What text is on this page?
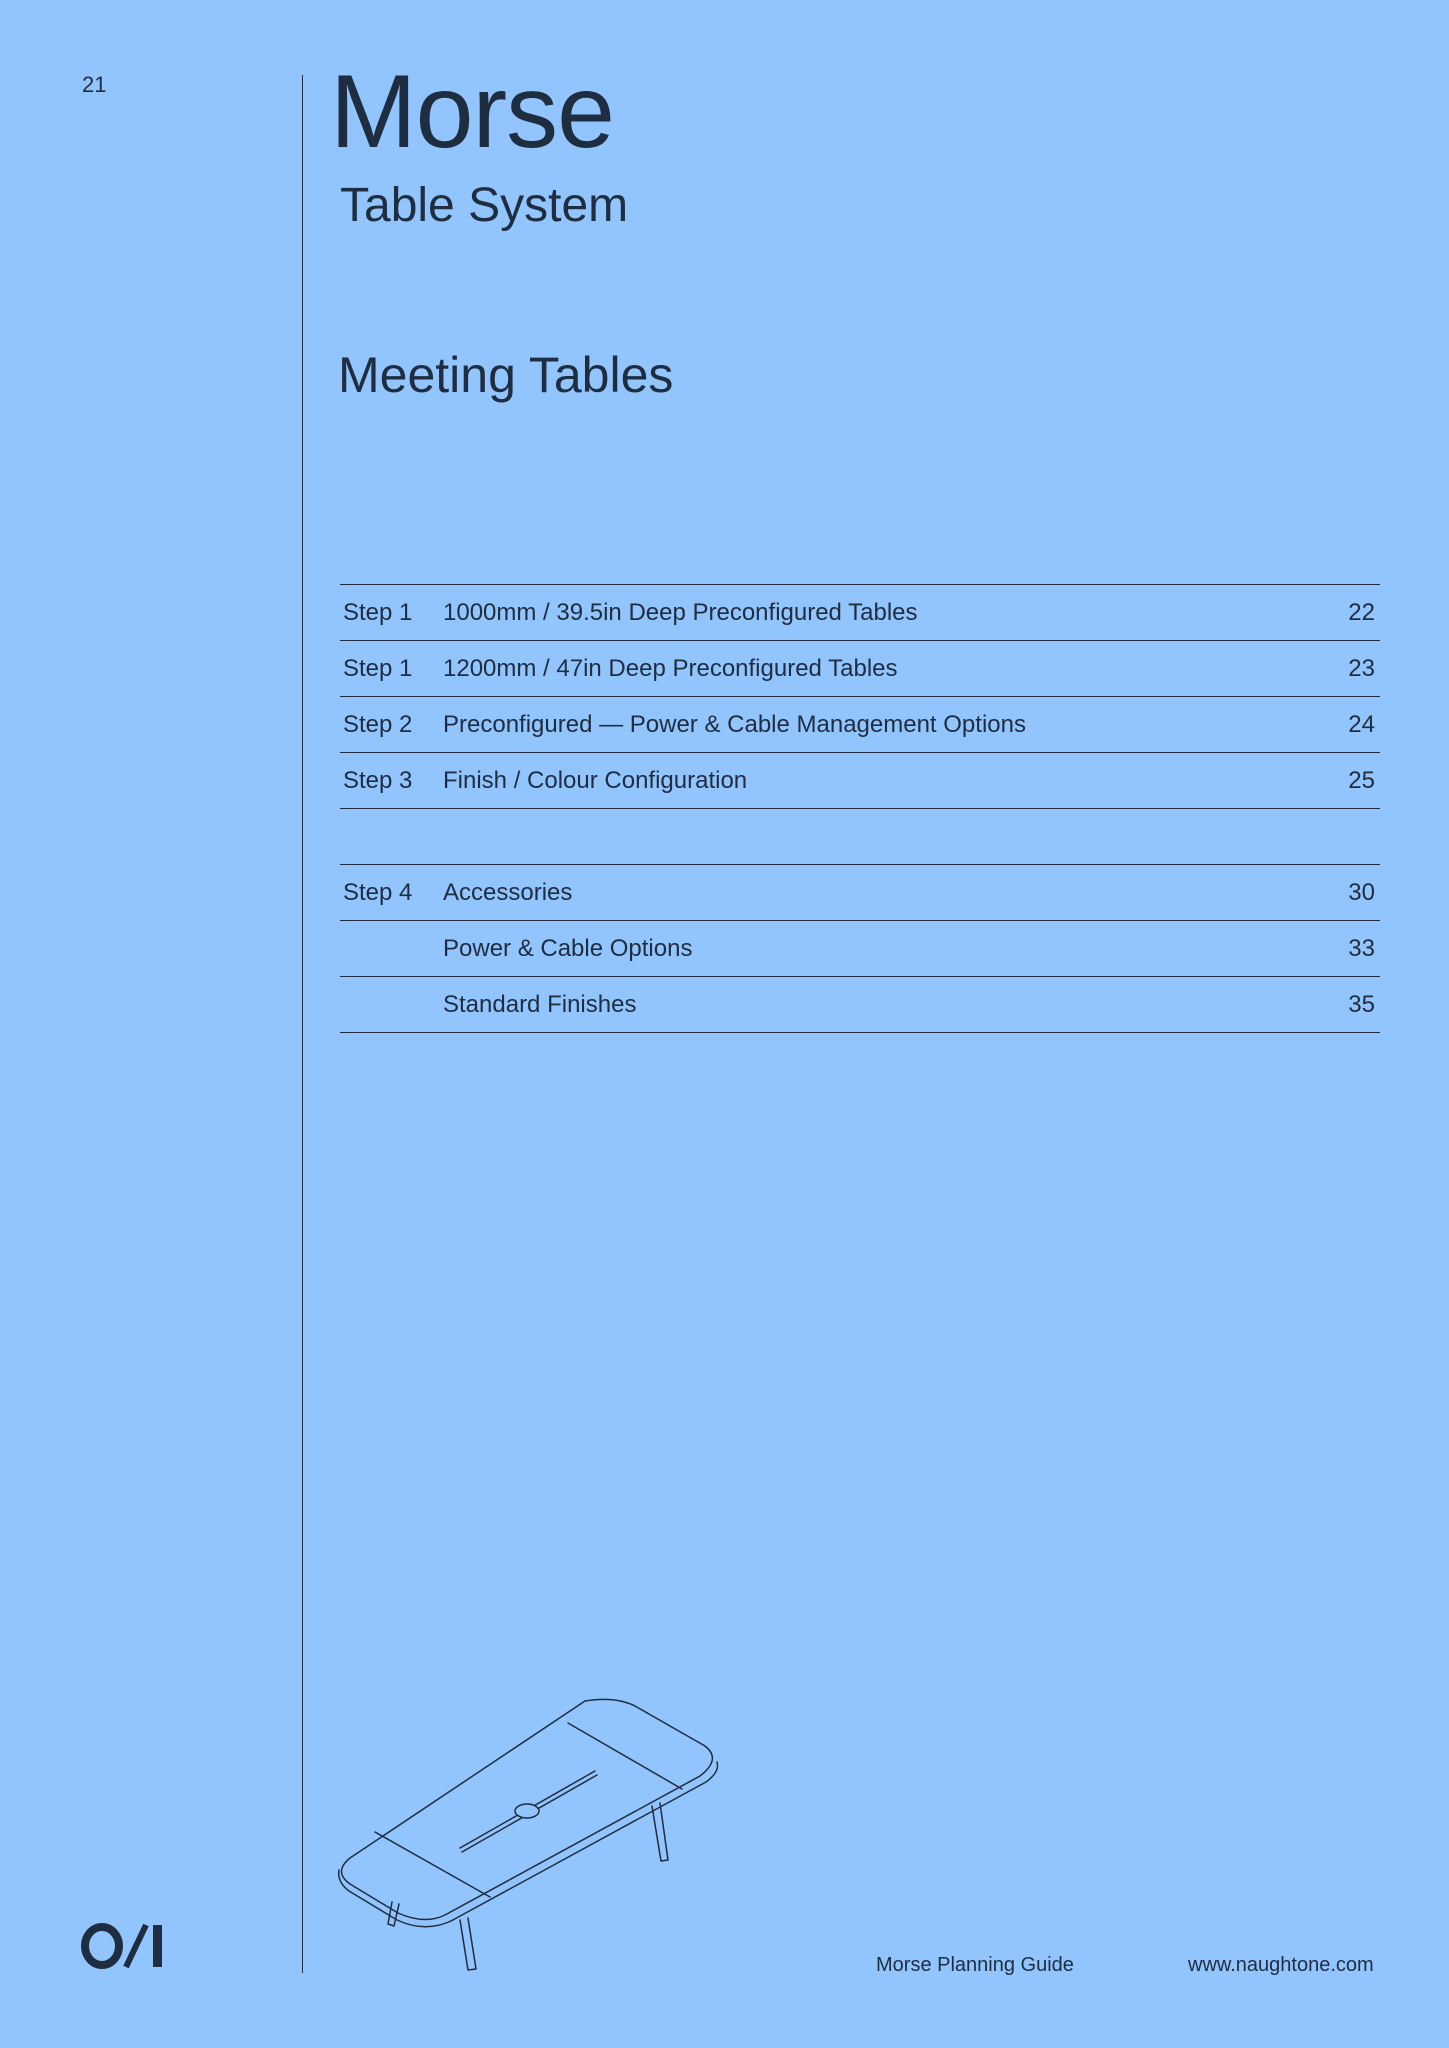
21 Morse
Table System
Meeting Tables
Step 1	1000mm / 39.5in Deep Preconfigured Tables	22
Step 1	1200mm / 47in Deep Preconfigured Tables	23
Step 2	Preconfigured — Power & Cable Management Options	24
Step 3	Finish / Colour Configuration	25
Step 4	Accessories	30
Power & Cable Options	33
Standard Finishes	35
Morse Planning Guide	www.naughtone.com
